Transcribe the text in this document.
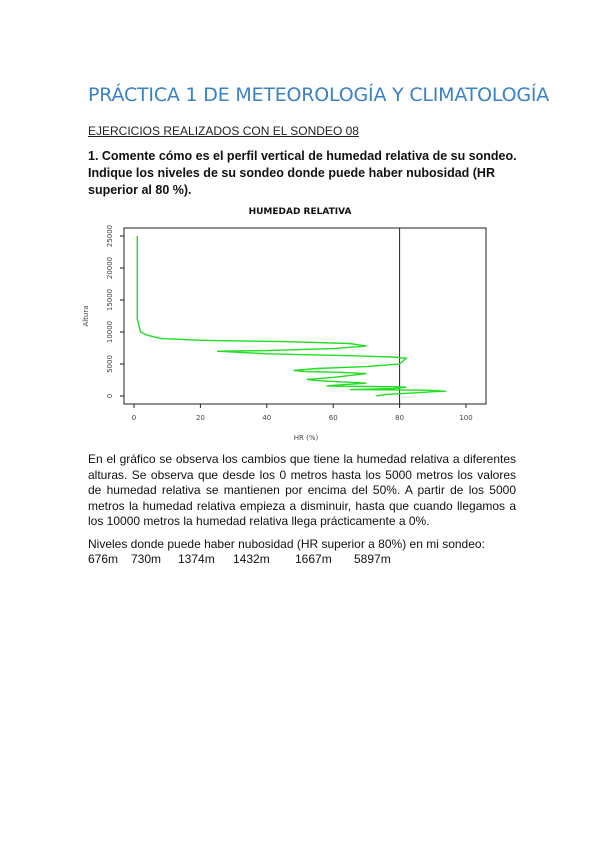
PRÁCTICA 1 DE METEOROLOGÍA Y CLIMATOLOGÍA

EJERCICIOS REALIZADOS CON EL SONDEO 08

1. Comente cómo es el perfil vertical de humedad relativa de su sondeo. Indique los niveles de su sondeo donde puede haber nubosidad (HR superior al 80 %).

HUMEDAD RELATIVA
0	20	40	60	80	100
0
5000
10000
15000
20000
25000
HR (%)
Altura

En el gráfico se observa los cambios que tiene la humedad relativa a diferentes alturas. Se observa que desde los 0 metros hasta los 5000 metros los valores de humedad relativa se mantienen por encima del 50%. A partir de los 5000 metros la humedad relativa empieza a disminuir, hasta que cuando llegamos a los 10000 metros la humedad relativa llega prácticamente a 0%.

Niveles donde puede haber nubosidad (HR superior a 80%) en mi sondeo:

676m	730m	1374m	1432m	1667m	5897m
